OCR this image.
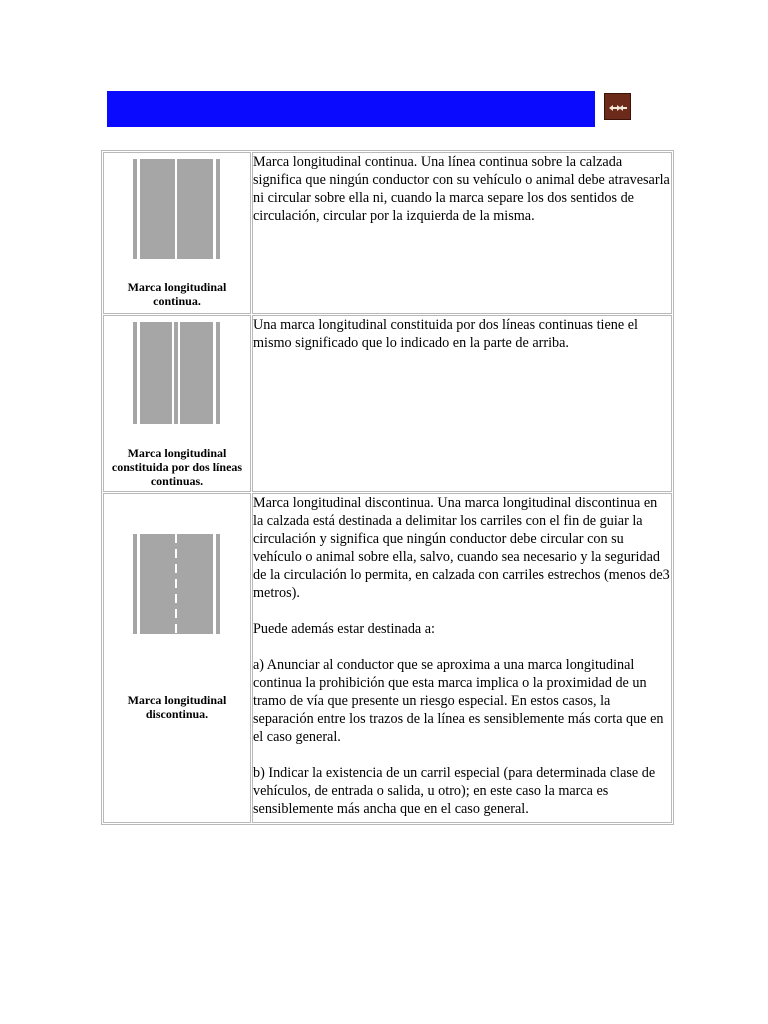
Marca longitudinal continua.	Marca longitudinal continua. Una línea continua sobre la calzada significa que ningún conductor con su vehículo o animal debe atravesarla ni circular sobre ella ni, cuando la marca separe los dos sentidos de circulación, circular por la izquierda de la misma.

Marca longitudinal constituida por dos líneas continuas.	Una marca longitudinal constituida por dos líneas continuas tiene el mismo significado que lo indicado en la parte de arriba.

Marca longitudinal discontinua.	Marca longitudinal discontinua. Una marca longitudinal discontinua en la calzada está destinada a delimitar los carriles con el fin de guiar la circulación y significa que ningún conductor debe circular con su vehículo o animal sobre ella, salvo, cuando sea necesario y la seguridad de la circulación lo permita, en calzada con carriles estrechos (menos de3 metros).

Puede además estar destinada a:

a) Anunciar al conductor que se aproxima a una marca longitudinal continua la prohibición que esta marca implica o la proximidad de un tramo de vía que presente un riesgo especial. En estos casos, la separación entre los trazos de la línea es sensiblemente más corta que en el caso general.

b) Indicar la existencia de un carril especial (para determinada clase de vehículos, de entrada o salida, u otro); en este caso la marca es sensiblemente más ancha que en el caso general.
